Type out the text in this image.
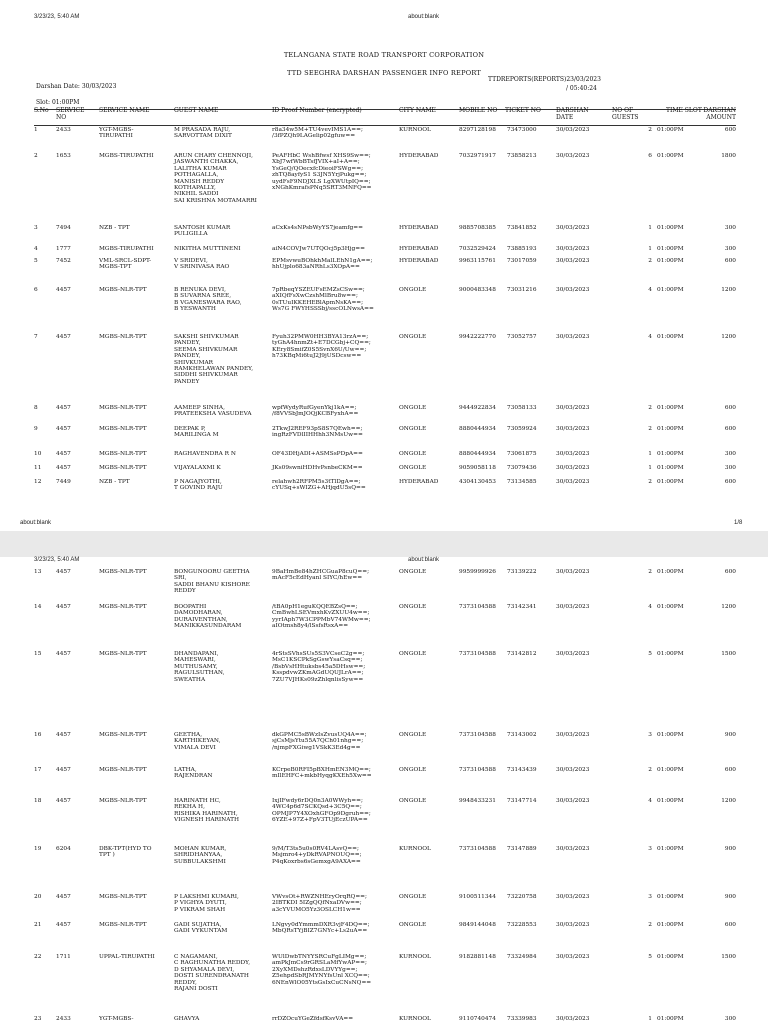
3/23/23, 5:40 AM	about:blank
TELANGANA STATE ROAD TRANSPORT CORPORATION
TTD SEEGHRA DARSHAN PASSENGER INFO REPORT
TTDREPORTS(REPORTS)23/03/2023
Darshan Date: 30/03/2023	/ 05:40:24
Slot: 01:00PM
S.No	SERVICE NO
SERVICE NAME	GUEST NAME	ID Proof Number (encrypted)	CITY NAME	MOBILE NO	TICKET NO	DARSHAN DATE
NO OF GUESTS
TIME SLOT DARSHAN AMOUNT
1	2433	YGT-MGBS-
TIRUPATHI
M PRASADA RAJU,
SARVOTTAM DIXIT
r8a34w5M+TU4vevIMS1A==;
/3fPZQh9LAGelip02gfuw==
KURNOOL	8297128198	73473000	30/03/2023	2 01:00PM	600
2	1653	MGBS-TIRUPATHI	ARUN CHARY CHENNOJI,
JASWANTH CHAKKA,
LALITHA KUMAR
POTHAGALLA,
MANISH REDDY
KOTHAPALLY,
NIKHIL SADDI
SAI KRISHNA MOTAMARRI
PeAFHbC WshBfwsf XHS9Sw==;
XbJ7wfWbBTsfJVIX+aI+A==;
YsGeQ/QOecxfcDieoiFSWg==;
zhTQ8ayfyS1 S3JN5YrjPukg==;
uydFsF9NDJXLS LgXWUtpIQ==;
xNGhKmrafsPNq5SRT3MNFQ==
HYDERABAD	7032971917	73858213	30/03/2023	6 01:00PM	1800
3	7494	NZB - TPT	SANTOSH KUMAR
PULIGILLA
aCxKs4sNPsbWyYS7jeamfg==	HYDERABAD	9885708385	73841852	30/03/2023	1 01:00PM	300
4	1777	MGBS-TIRUPATHI	NIKITHA MUTTINENI	aiN4COVJw7UTQOcj5p3Hjg==	HYDERABAD	7032529424	73885193	30/03/2023	1 01:00PM	300
5	7452	VML-SRCL-SDPT-
MGBS-TPT
V SRIDEVI,
V SRINIVASA RAO
EPMsvwuBOhkhMalLEhN1gA==;
hhUjplo683aNRhLs3XOpA==
HYDERABAD	9963115761	73017059	30/03/2023	2 01:00PM	600
6	4457	MGBS-NLR-TPT	B RENUKA DEVI,
B SUVARNA SREE,
B VGANESWARA RAO,
B YESWANTH
7pRbeqYSZEUFsEMZsCSw==;
aXIQfFsXwCzshMlBru8w==;
0sTUuIKKEHEBlApmNsKA==;
Ws7G FWYHSSSbj/sscOLNwsA==
ONGOLE	9000483348	73031216	30/03/2023	4 01:00PM	1200
7	4457	MGBS-NLR-TPT	SAKSHI SHIVKUMAR
PANDEY,
SEEMA SHIVKUMAR
PANDEY,
SHIVKUMAR
RAMKHELAWAN PANDEY,
SIDDHI SHIVKUMAR
PANDEY
Fyuh32PMW0HH3BYA13rzA==;
tyGhA4hnmZt+E7DCGbj+CQ==;
KEry8SmifZ0S5SvnX6U/Uw==;
h73KBqMi6tuJ2J9jUSDcsw==
ONGOLE	9942222770	73052757	30/03/2023	4 01:00PM	1200
8	4457	MGBS-NLR-TPT	AAMEEP SINHA,
PRATEEKSHA VASUDEVA
wpfWydyRufGyenYkj1kA==;
/f8VVSbJmJOQjKCBFyxhA==
ONGOLE	9444922834	73058133	30/03/2023	2 01:00PM	600
9	4457	MGBS-NLR-TPT	DEEPAK P,
MARILINGA M
2TkwJ2REF93pS8S7QEwh==;
ingRzFVDlIIHHhh3NMsUw==
ONGOLE	8880444934	73059924	30/03/2023	2 01:00PM	600
10	4457	MGBS-NLR-TPT	RAGHAVENDRA R N	OF43DHjADI+ASMSsPDpA==	ONGOLE	8880444934	73061875	30/03/2023	1 01:00PM	300
11	4457	MGBS-NLR-TPT	VIJAYALAXMI K	JKs09swniHDHvPsnbeCKM==	ONGOLE	9059058118	73079436	30/03/2023	1 01:00PM	300
12	7449	NZB - TPT	P NAGAJYOTHI,
T GOVIND RAJU
relahwh2RFPM5s3tTlDgA==;
cYUSq+sWIZG+AHjqdU5sQ==
HYDERABAD	4304130453	73134585	30/03/2023	2 01:00PM	600
about:blank	1/8
3/23/23, 5:40 AM	about:blank
13	4457	MGBS-NLR-TPT	BONGUNOORU GEETHA
SRI,
SADDI BHANU KISHORE
REDDY
9BaHmBe84hZHCGuaP8cuQ==;
mAcF5cEdHyanl SIYC/hEw==
ONGOLE	9959999926	73139222	30/03/2023	2 01:00PM	600
14	4457	MGBS-NLR-TPT	BOOPATHI
DAMODHARAN,
DURAIVENTHAN,
MANIKKASUNDARAM
/tBA0pH1eguKQQEBZsQ==;
CmBwhLSEVmxhKvZXUU4w==;
yyrIAph7W3CPPMbV74WMw==;
aIOtmsh8y4/lSsfsRsxA==
ONGOLE	7373104588	73142341	30/03/2023	4 01:00PM	1200
15	4457	MGBS-NLR-TPT	DHANDAPANI,
MAHESWARI,
MUTHUSAMY,
RAGULSUTHAN,
SWEATHA
4rStsSVhsSUs5S3VCseC2g==;
MsC1KSCPkSgGswYsaCsq==;
/BsbVsHHtuksbs45a5DHsw==;
KsspdvwZKmAGdUQUJLrA==;
7ZU7VJHKs09zZhlqnlisSyw==
ONGOLE	7373104588	73142812	30/03/2023	5 01:00PM	1500
16	4457	MGBS-NLR-TPT	GEETHA,
KARTHIKEYAN,
VIMALA DEVI
dkGPMC5sBWzIsZvusUQ4A==;
sjCsMjsYtu55A7QCh01nhg==;
/njmpFXGiwg1VSkK3Ed4g==
ONGOLE	7373104588	73143002	30/03/2023	3 01:00PM	900
17	4457	MGBS-NLR-TPT	LATHA,
RAJENDRAN
KCrpeB0RFI5pBXHmEN3MQ==;
mIlEHFC+mkbHyqgKXEh5Xw==
ONGOLE	7373104588	73143439	30/03/2023	2 01:00PM	600
18	4457	MGBS-NLR-TPT	HARINATH HC,
REKHA H,
RISHIKA HARINATH,
VIGNESH HARINATH
IxjIFwdy6rDQ0n3A0WWyh==;
4WC4p6d7SCKQsd+3C5Q==;
OPMJP7Y4XOxhGFOp9Dgruh==;
6YZE+97Z+FpV3TUjEczUPA==
ONGOLE	9948433231	73147714	30/03/2023	4 01:00PM	1200
19	6204	DBK-TPT(HYD TO
TPT )
MOHAN KUMAR,
SHRIDHANYAA,
SUBBULAKSHMI
9/M/T3ts5u0s0RV4LAsvQ==;
Msjmro4+yDkRVAPNOUQ==;
P4qKoxrbs6sGemxgA9AXA==
KURNOOL	7373104588	73147889	30/03/2023	3 01:00PM	900
20	4457	MGBS-NLR-TPT	P LAKSHMI KUMARI,
P VIGHYA DYUTI,
P VIKRAM SHAH
VWvsOt+RWZNHEryOrqRQ==;
2IBTKDI 5IZgQQfNxaDVw==;
a3cYVUMO5Yz3OSLCH1w==
ONGOLE	9100511344	73220758	30/03/2023	3 01:00PM	900
21	4457	MGBS-NLR-TPT	GADI SUJATHA,
GADI VYKUNTAM
LNgvy0dYmmmDXR3vjF4DQ==;
MbQRsTYjBIZ7GNYc+Ls2uA==
ONGOLE	9849144048	73228553	30/03/2023	2 01:00PM	600
22	1711	UPPAL-TIRUPATHI	C NAGAMANI,
C RAGHUNATHA REDDY,
D SHYAMALA DEVI,
DOSTI SURENDRANATH
REDDY,
RAJANI DOSTI
WUlDwbTNYYSRCuFgLIMg==;
amPkJmCs9rGRSLaMfYwAP==;
2XyXMDshzRdxsLDVYYg==;
Z5ehpdSbRJMYNYfsUnl XCQ==;
6NEnWlO05YtsGsIxCuCNsNQ==
KURNOOL	9182881148	73324984	30/03/2023	5 01:00PM	1500
23	2433	YGT-MGBS-	GHAVYA	rrDZOcuYGeZfdsfKsvVA==	KURNOOL	9110740474	73339983	30/03/2023	1 01:00PM	300
